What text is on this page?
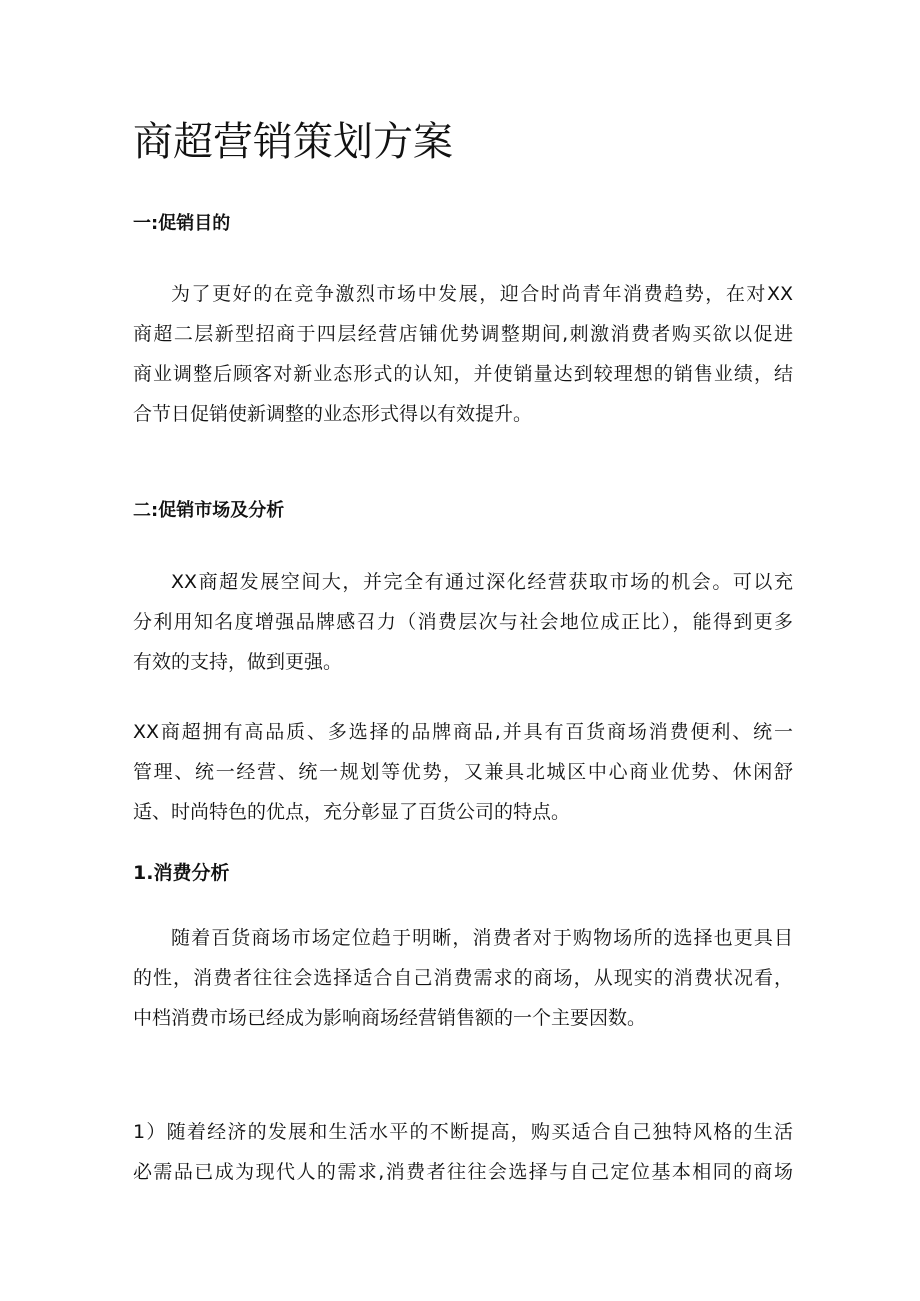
商超营销策划方案
一:促销目的

为了更好的在竞争激烈市场中发展，迎合时尚青年消费趋势，在对XX
商超二层新型招商于四层经营店铺优势调整期间,刺激消费者购买欲以促进
商业调整后顾客对新业态形式的认知，并使销量达到较理想的销售业绩，结
合节日促销使新调整的业态形式得以有效提升。

二:促销市场及分析

XX商超发展空间大，并完全有通过深化经营获取市场的机会。可以充
分利用知名度增强品牌感召力（消费层次与社会地位成正比），能得到更多
有效的支持，做到更强。

XX商超拥有高品质、多选择的品牌商品,并具有百货商场消费便利、统一
管理、统一经营、统一规划等优势，又兼具北城区中心商业优势、休闲舒
适、时尚特色的优点，充分彰显了百货公司的特点。

1.消费分析

随着百货商场市场定位趋于明晰，消费者对于购物场所的选择也更具目
的性，消费者往往会选择适合自己消费需求的商场，从现实的消费状况看，
中档消费市场已经成为影响商场经营销售额的一个主要因数。

1）随着经济的发展和生活水平的不断提高，购买适合自己独特风格的生活
必需品已成为现代人的需求,消费者往往会选择与自己定位基本相同的商场
